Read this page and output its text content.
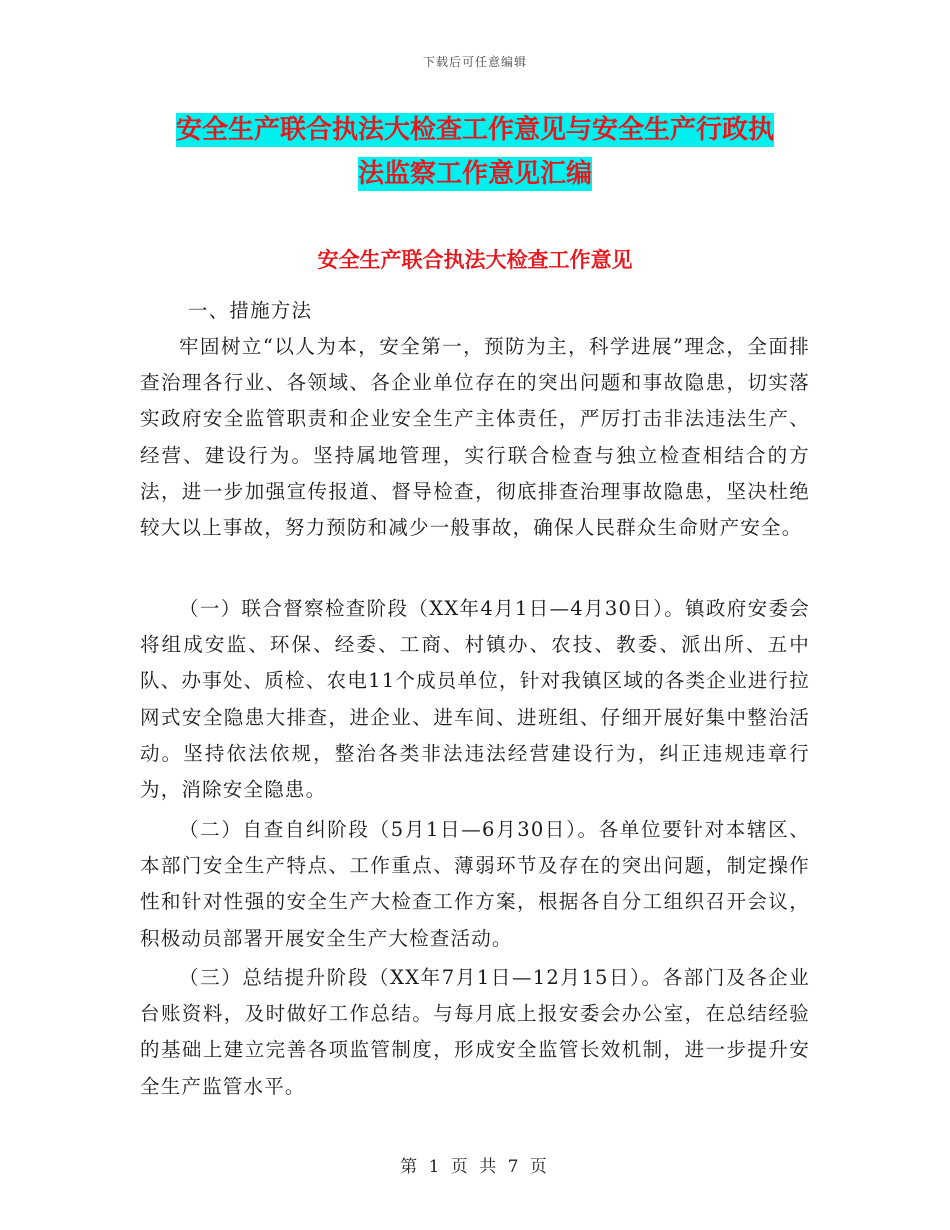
下载后可任意编辑
安全生产联合执法大检查工作意见与安全生产行政执
法监察工作意见汇编
安全生产联合执法大检查工作意见
一、措施方法
牢固树立“以人为本，安全第一，预防为主，科学进展”理念，全面排查治理各行业、各领域、各企业单位存在的突出问题和事故隐患，切实落实政府安全监管职责和企业安全生产主体责任，严厉打击非法违法生产、经营、建设行为。坚持属地管理，实行联合检查与独立检查相结合的方法，进一步加强宣传报道、督导检查，彻底排查治理事故隐患，坚决杜绝较大以上事故，努力预防和减少一般事故，确保人民群众生命财产安全。
（一）联合督察检查阶段（XX年4月1日—4月30日）。镇政府安委会将组成安监、环保、经委、工商、村镇办、农技、教委、派出所、五中队、办事处、质检、农电11个成员单位，针对我镇区域的各类企业进行拉网式安全隐患大排查，进企业、进车间、进班组、仔细开展好集中整治活动。坚持依法依规，整治各类非法违法经营建设行为，纠正违规违章行为，消除安全隐患。
（二）自查自纠阶段（5月1日—6月30日）。各单位要针对本辖区、本部门安全生产特点、工作重点、薄弱环节及存在的突出问题，制定操作性和针对性强的安全生产大检查工作方案，根据各自分工组织召开会议，积极动员部署开展安全生产大检查活动。
（三）总结提升阶段（XX年7月1日—12月15日）。各部门及各企业台账资料，及时做好工作总结。与每月底上报安委会办公室，在总结经验的基础上建立完善各项监管制度，形成安全监管长效机制，进一步提升安全生产监管水平。
第 1 页 共 7 页
